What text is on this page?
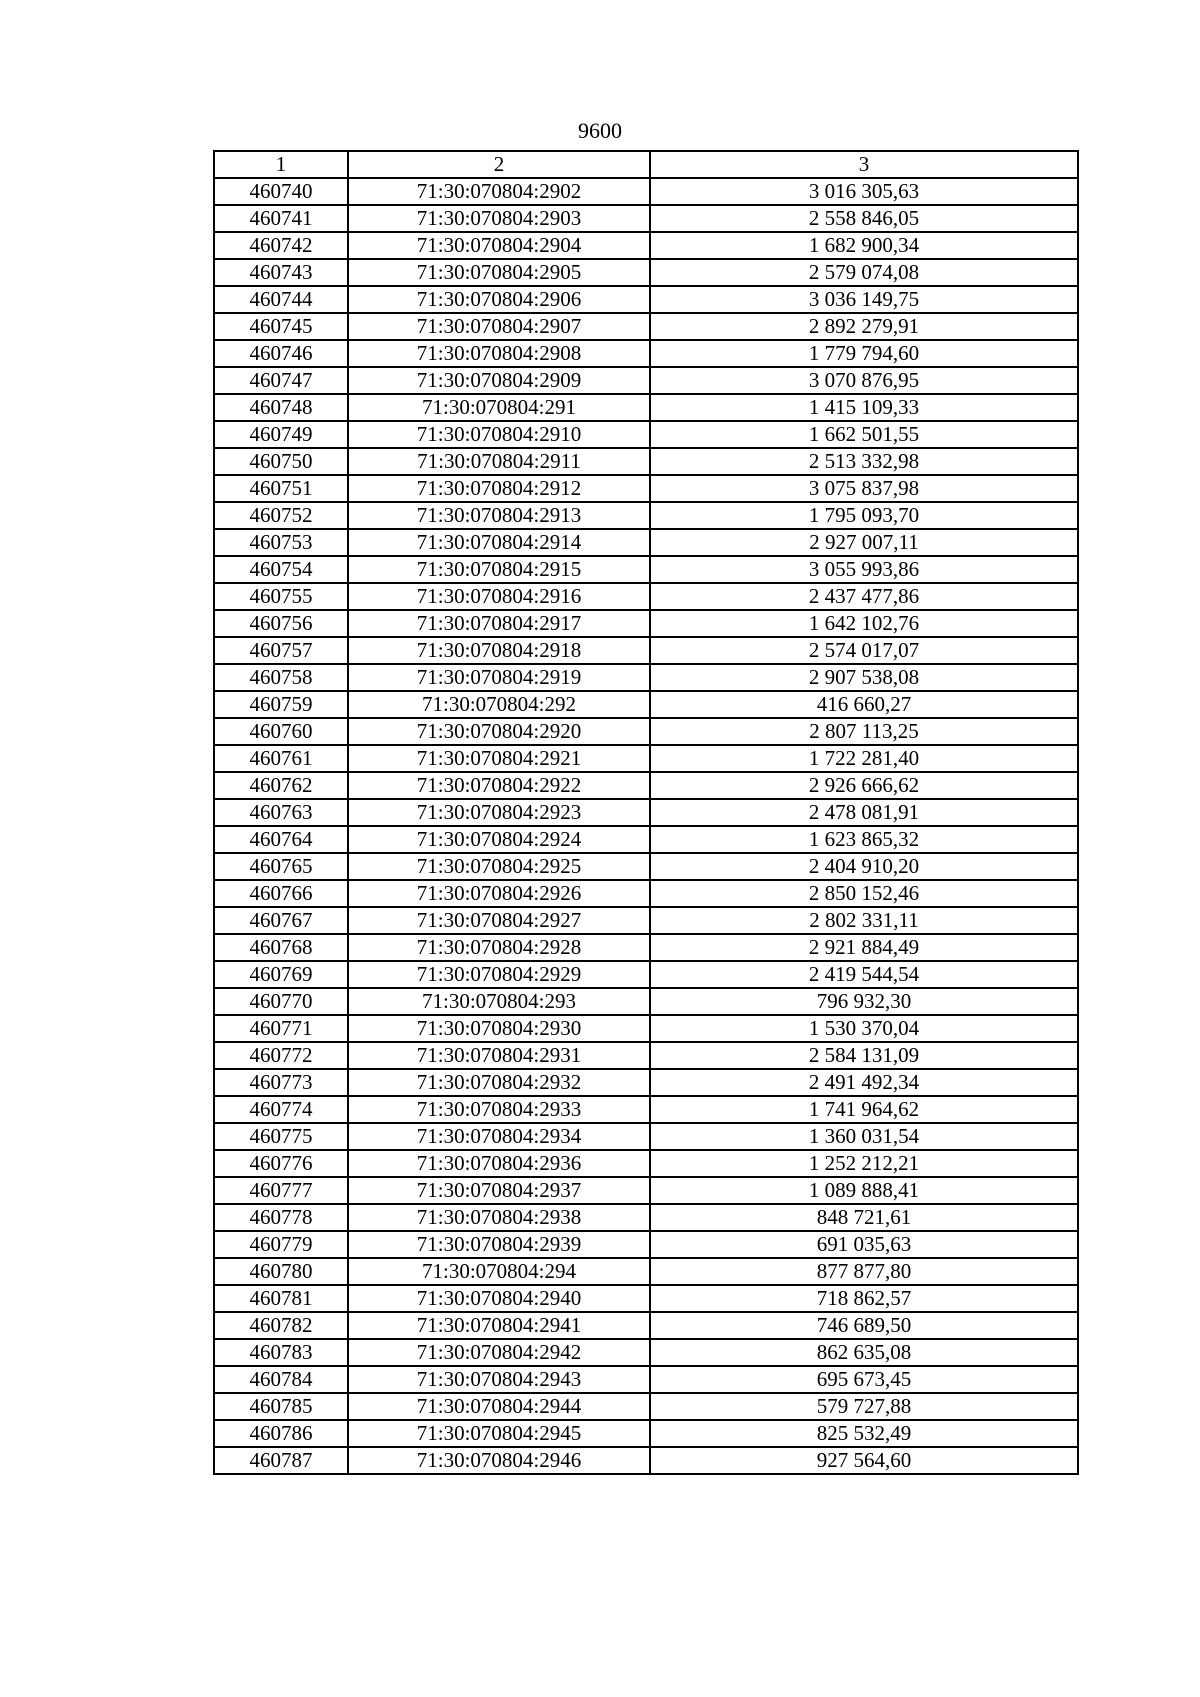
9600
1	2	3
460740	71:30:070804:2902	3 016 305,63
460741	71:30:070804:2903	2 558 846,05
460742	71:30:070804:2904	1 682 900,34
460743	71:30:070804:2905	2 579 074,08
460744	71:30:070804:2906	3 036 149,75
460745	71:30:070804:2907	2 892 279,91
460746	71:30:070804:2908	1 779 794,60
460747	71:30:070804:2909	3 070 876,95
460748	71:30:070804:291	1 415 109,33
460749	71:30:070804:2910	1 662 501,55
460750	71:30:070804:2911	2 513 332,98
460751	71:30:070804:2912	3 075 837,98
460752	71:30:070804:2913	1 795 093,70
460753	71:30:070804:2914	2 927 007,11
460754	71:30:070804:2915	3 055 993,86
460755	71:30:070804:2916	2 437 477,86
460756	71:30:070804:2917	1 642 102,76
460757	71:30:070804:2918	2 574 017,07
460758	71:30:070804:2919	2 907 538,08
460759	71:30:070804:292	416 660,27
460760	71:30:070804:2920	2 807 113,25
460761	71:30:070804:2921	1 722 281,40
460762	71:30:070804:2922	2 926 666,62
460763	71:30:070804:2923	2 478 081,91
460764	71:30:070804:2924	1 623 865,32
460765	71:30:070804:2925	2 404 910,20
460766	71:30:070804:2926	2 850 152,46
460767	71:30:070804:2927	2 802 331,11
460768	71:30:070804:2928	2 921 884,49
460769	71:30:070804:2929	2 419 544,54
460770	71:30:070804:293	796 932,30
460771	71:30:070804:2930	1 530 370,04
460772	71:30:070804:2931	2 584 131,09
460773	71:30:070804:2932	2 491 492,34
460774	71:30:070804:2933	1 741 964,62
460775	71:30:070804:2934	1 360 031,54
460776	71:30:070804:2936	1 252 212,21
460777	71:30:070804:2937	1 089 888,41
460778	71:30:070804:2938	848 721,61
460779	71:30:070804:2939	691 035,63
460780	71:30:070804:294	877 877,80
460781	71:30:070804:2940	718 862,57
460782	71:30:070804:2941	746 689,50
460783	71:30:070804:2942	862 635,08
460784	71:30:070804:2943	695 673,45
460785	71:30:070804:2944	579 727,88
460786	71:30:070804:2945	825 532,49
460787	71:30:070804:2946	927 564,60
